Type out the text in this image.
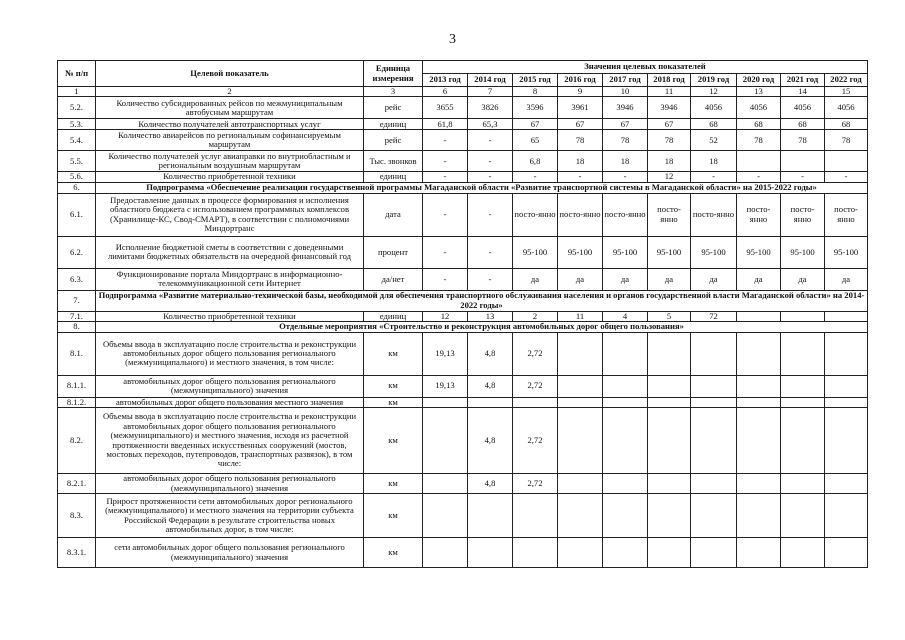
3
№ п/п	Целевой показатель	Единица измерения	Значения целевых показателей									
			2013 год	2014 год	2015 год	2016 год	2017 год	2018 год	2019 год	2020 год	2021 год	2022 год
1	2	3	6	7	8	9	10	11	12	13	14	15
5.2.	Количество субсидированных рейсов по межмуниципальным автобусным маршрутам	рейс	3655	3826	3596	3961	3946	3946	4056	4056	4056	4056
5.3.	Количество получателей автотранспортных услуг	единиц	61,8	65,3	67	67	67	67	68	68	68	68
5.4.	Количество авиарейсов по региональным софинансируемым маршрутам	рейс	-	-	65	78	78	78	52	78	78	78
5.5.	Количество получателей услуг авиаправки по внутриобластным и региональным воздушным маршрутам	Тыс. звонков	-	-	6,8	18	18	18	18			
5.6.	Количество приобретенной техники	единиц	-	-	-	-	-	12	-	-	-	-
6.	Подпрограмма «Обеспечение реализации государственной программы Магаданской области «Развитие транспортной системы в Магаданской области» на 2015-2022 годы»											
6.1.	Предоставление данных в процессе формирования и исполнения областного бюджета с использованием программных комплексов (Хранилище-КС, Свод-СМАРТ), в соответствии с полномочиями Миндортранс	дата	-	-	посто-янно	посто-янно	посто-янно	посто-янно	посто-янно	посто-янно	посто-янно	посто-янно
6.2.	Исполнение бюджетной сметы в соответствии с доведенными лимитами бюджетных обязательств на очередной финансовый год	процент	-	-	95-100	95-100	95-100	95-100	95-100	95-100	95-100	95-100
6.3.	Функционирование портала Миндортранс в информационно-телекоммуникационной сети Интернет	да/нет	-	-	да	да	да	да	да	да	да	да
7.	Подпрограмма «Развитие материально-технической базы, необходимой для обеспечения транспортного обслуживания населения и органов государственной власти Магаданской области» на 2014-2022 годы»											
7.1.	Количество приобретенной техники	единиц	12	13	2	11	4	5	72			
8.	Отдельные мероприятия «Строительство и реконструкция автомобильных дорог общего пользования»											
8.1.	Объемы ввода в эксплуатацию после строительства и реконструкции автомобильных дорог общего пользования регионального (межмуниципального) и местного значения, в том числе:	км	19,13	4,8	2,72							
8.1.1.	автомобильных дорог общего пользования регионального (межмуниципального) значения	км	19,13	4,8	2,72							
8.1.2.	автомобильных дорог общего пользования местного значения	км										
8.2.	Объемы ввода в эксплуатацию после строительства и реконструкции автомобильных дорог общего пользования регионального (межмуниципального) и местного значения, исходя из расчетной протяженности введенных искусственных сооружений (мостов, мостовых переходов, путепроводов, транспортных развязок), в том числе:	км		4,8	2,72							
8.2.1.	автомобильных дорог общего пользования регионального (межмуниципального) значения	км		4,8	2,72							
8.3.	Прирост протяженности сети автомобильных дорог регионального (межмуниципального) и местного значения на территории субъекта Российской Федерации в результате строительства новых автомобильных дорог, в том числе:	км										
8.3.1.	сети автомобильных дорог общего пользования регионального (межмуниципального) значения	км										
